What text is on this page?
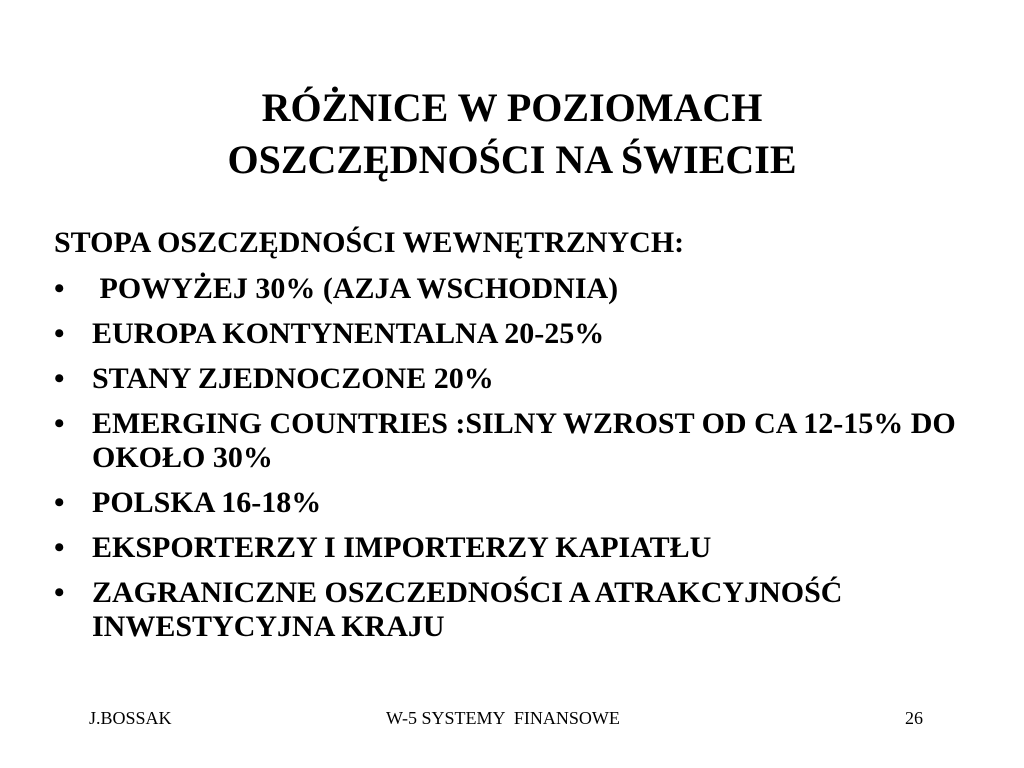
RÓŻNICE W POZIOMACH
OSZCZĘDNOŚCI NA ŚWIECIE
STOPA OSZCZĘDNOŚCI WEWNĘTRZNYCH:
• POWYŻEJ 30% (AZJA WSCHODNIA)
• EUROPA KONTYNENTALNA 20-25%
• STANY ZJEDNOCZONE 20%
• EMERGING COUNTRIES :SILNY WZROST OD CA 12-15% DO OKOŁO 30%
• POLSKA 16-18%
• EKSPORTERZY I IMPORTERZY KAPIATŁU
• ZAGRANICZNE OSZCZEDNOŚCI A ATRAKCYJNOŚĆ INWESTYCYJNA KRAJU
J.BOSSAK	W-5 SYSTEMY  FINANSOWE	26
